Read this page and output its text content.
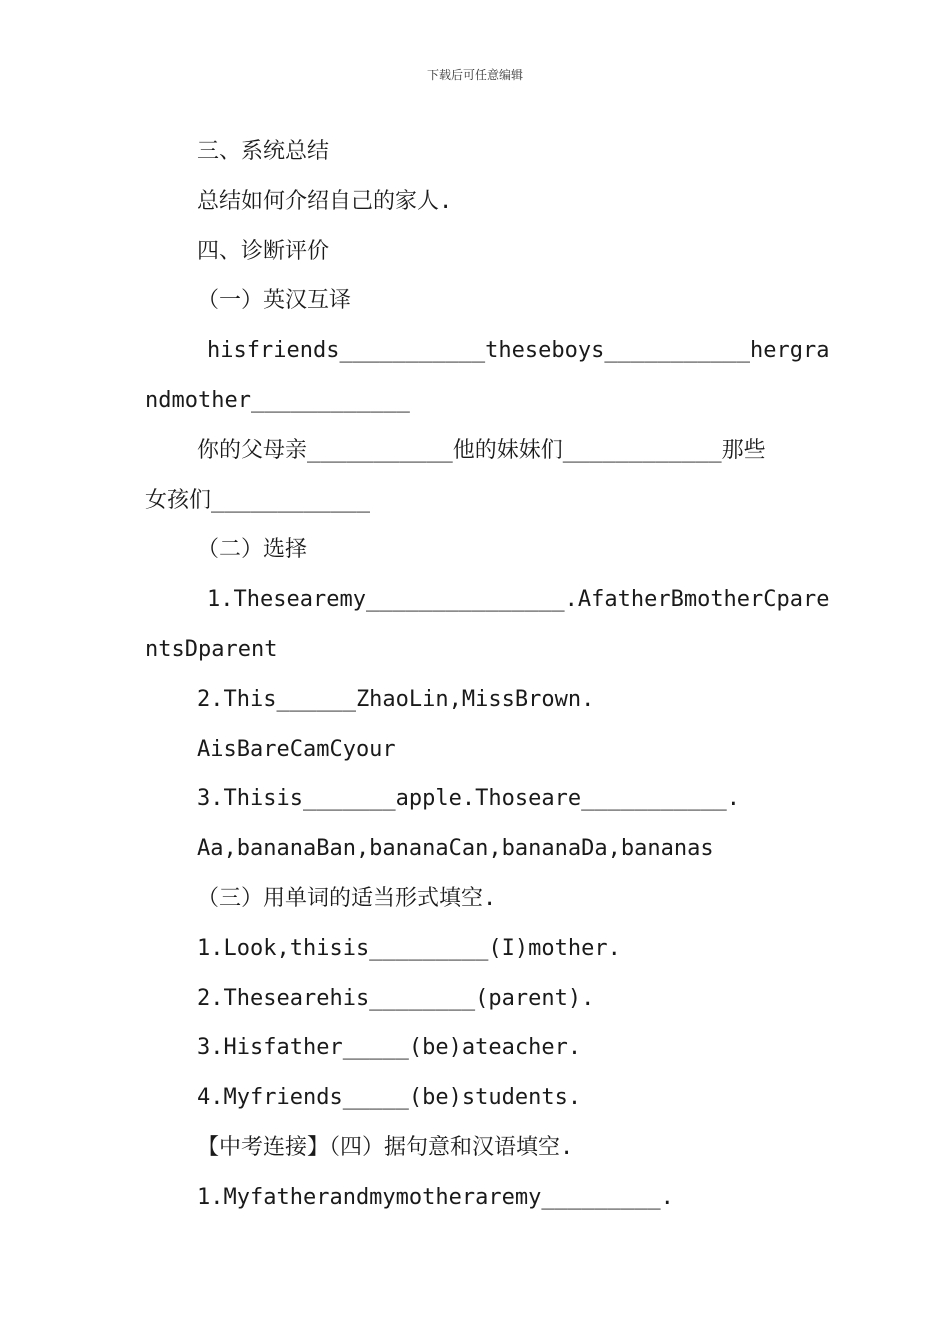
下载后可任意编辑
三、系统总结
总结如何介绍自己的家人.
四、诊断评价
（一）英汉互译
hisfriends___________theseboys___________hergra
ndmother____________
你的父母亲___________他的妹妹们____________那些
女孩们____________
（二）选择
1.Thesearemy_______________.AfatherBmotherCpare
ntsDparent
2.This______ZhaoLin,MissBrown.
AisBareCamCyour
3.Thisis_______apple.Thoseare___________.
Aa,bananaBan,bananaCan,bananaDa,bananas
（三）用单词的适当形式填空.
1.Look,thisis_________(I)mother.
2.Thesearehis________(parent).
3.Hisfather_____(be)ateacher.
4.Myfriends_____(be)students.
【中考连接】（四）据句意和汉语填空.
1.Myfatherandmymotheraremy_________.
